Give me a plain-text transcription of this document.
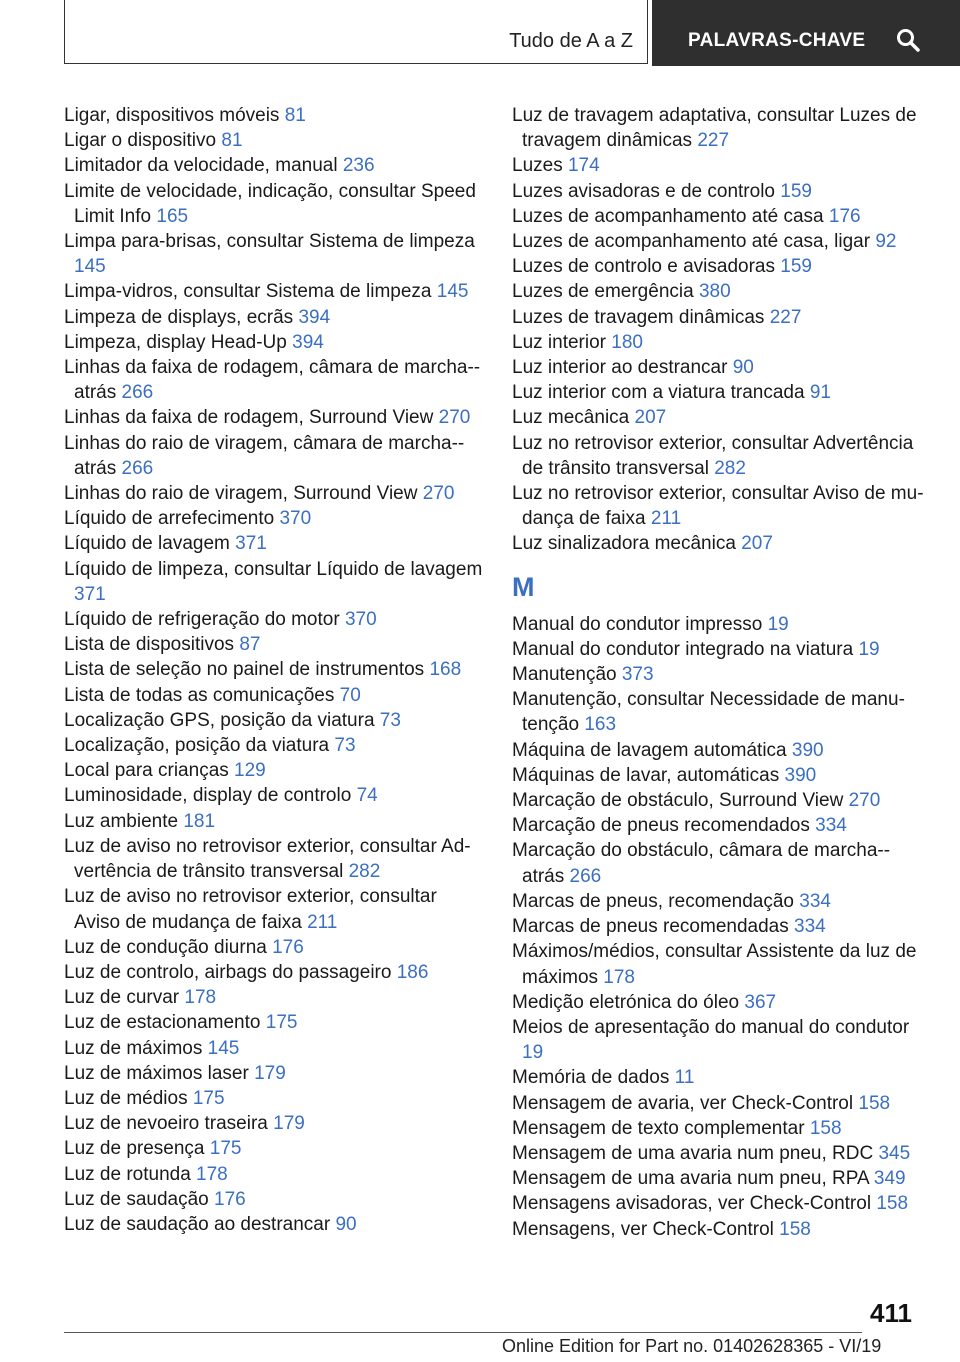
Tudo de A a Z	PALAVRAS-CHAVE
Ligar, dispositivos móveis 81
Ligar o dispositivo 81
Limitador da velocidade, manual 236
Limite de velocidade, indicação, consultar Speed Limit Info 165
Limpa para-brisas, consultar Sistema de limpeza 145
Limpa-vidros, consultar Sistema de limpeza 145
Limpeza de displays, ecrãs 394
Limpeza, display Head-Up 394
Linhas da faixa de rodagem, câmara de marcha-‍-atrás 266
Linhas da faixa de rodagem, Surround View 270
Linhas do raio de viragem, câmara de marcha-‍-atrás 266
Linhas do raio de viragem, Surround View 270
Líquido de arrefecimento 370
Líquido de lavagem 371
Líquido de limpeza, consultar Líquido de lavagem 371
Líquido de refrigeração do motor 370
Lista de dispositivos 87
Lista de seleção no painel de instrumentos 168
Lista de todas as comunicações 70
Localização GPS, posição da viatura 73
Localização, posição da viatura 73
Local para crianças 129
Luminosidade, display de controlo 74
Luz ambiente 181
Luz de aviso no retrovisor exterior, consultar Advertência de trânsito transversal 282
Luz de aviso no retrovisor exterior, consultar Aviso de mudança de faixa 211
Luz de condução diurna 176
Luz de controlo, airbags do passageiro 186
Luz de curvar 178
Luz de estacionamento 175
Luz de máximos 145
Luz de máximos laser 179
Luz de médios 175
Luz de nevoeiro traseira 179
Luz de presença 175
Luz de rotunda 178
Luz de saudação 176
Luz de saudação ao destrancar 90
Luz de travagem adaptativa, consultar Luzes de travagem dinâmicas 227
Luzes 174
Luzes avisadoras e de controlo 159
Luzes de acompanhamento até casa 176
Luzes de acompanhamento até casa, ligar 92
Luzes de controlo e avisadoras 159
Luzes de emergência 380
Luzes de travagem dinâmicas 227
Luz interior 180
Luz interior ao destrancar 90
Luz interior com a viatura trancada 91
Luz mecânica 207
Luz no retrovisor exterior, consultar Advertência de trânsito transversal 282
Luz no retrovisor exterior, consultar Aviso de mudança de faixa 211
Luz sinalizadora mecânica 207
M
Manual do condutor impresso 19
Manual do condutor integrado na viatura 19
Manutenção 373
Manutenção, consultar Necessidade de manutenção 163
Máquina de lavagem automática 390
Máquinas de lavar, automáticas 390
Marcação de obstáculo, Surround View 270
Marcação de pneus recomendados 334
Marcação do obstáculo, câmara de marcha-‍-atrás 266
Marcas de pneus, recomendação 334
Marcas de pneus recomendadas 334
Máximos/médios, consultar Assistente da luz de máximos 178
Medição eletrónica do óleo 367
Meios de apresentação do manual do condutor 19
Memória de dados 11
Mensagem de avaria, ver Check-Control 158
Mensagem de texto complementar 158
Mensagem de uma avaria num pneu, RDC 345
Mensagem de uma avaria num pneu, RPA 349
Mensagens avisadoras, ver Check-Control 158
Mensagens, ver Check-Control 158
411
Online Edition for Part no. 01402628365 - VI/19
